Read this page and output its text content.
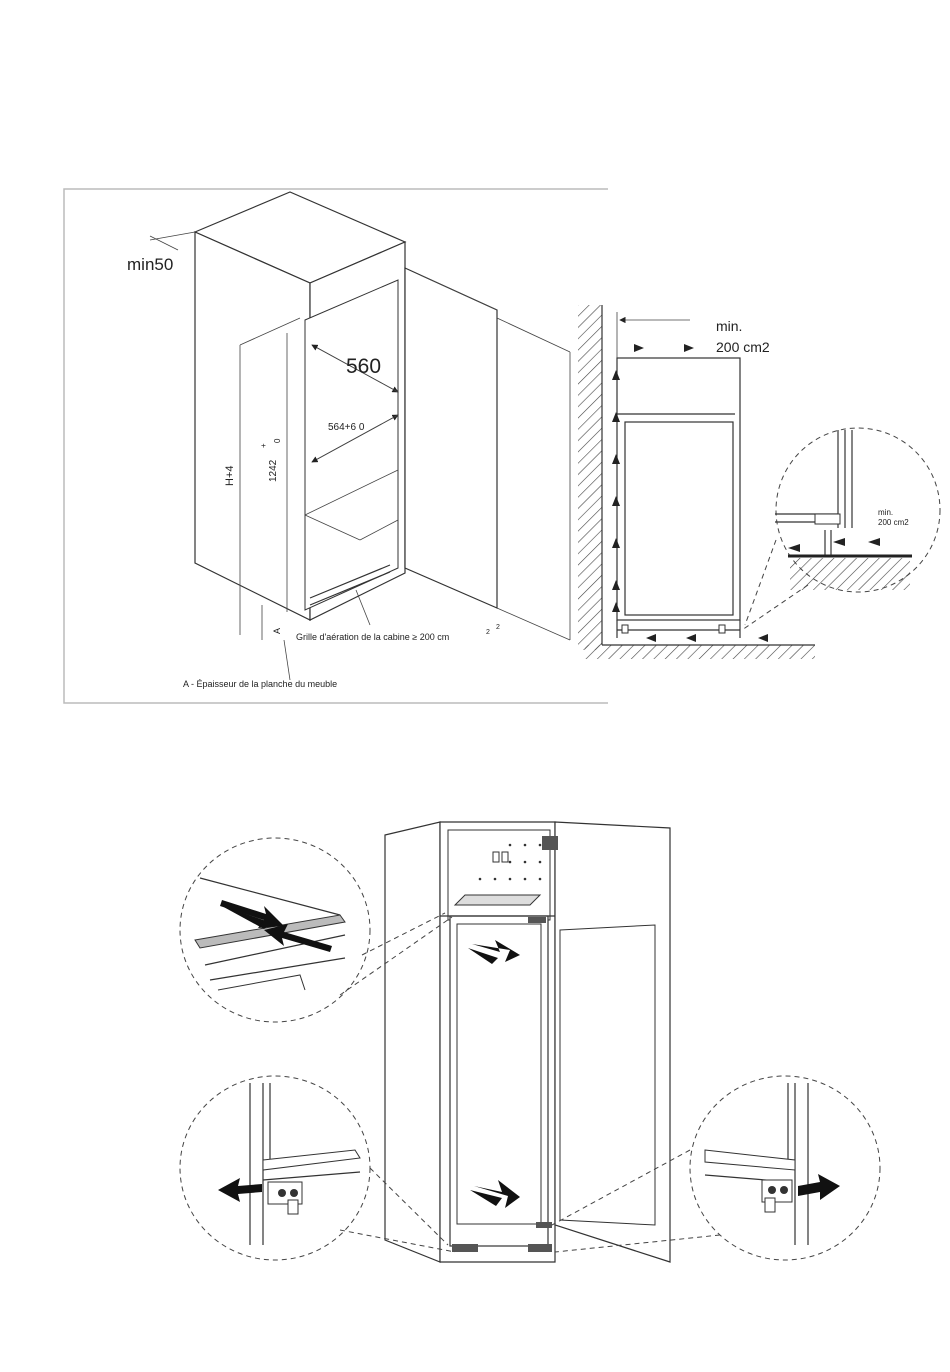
min50
560
564+6 0
1242
+
0
H+4
A
Grille d'aération de la cabine ≥ 200 cm	2
2
A - Épaisseur de la planche du meuble
min.
200 cm2
min.
200 cm2
